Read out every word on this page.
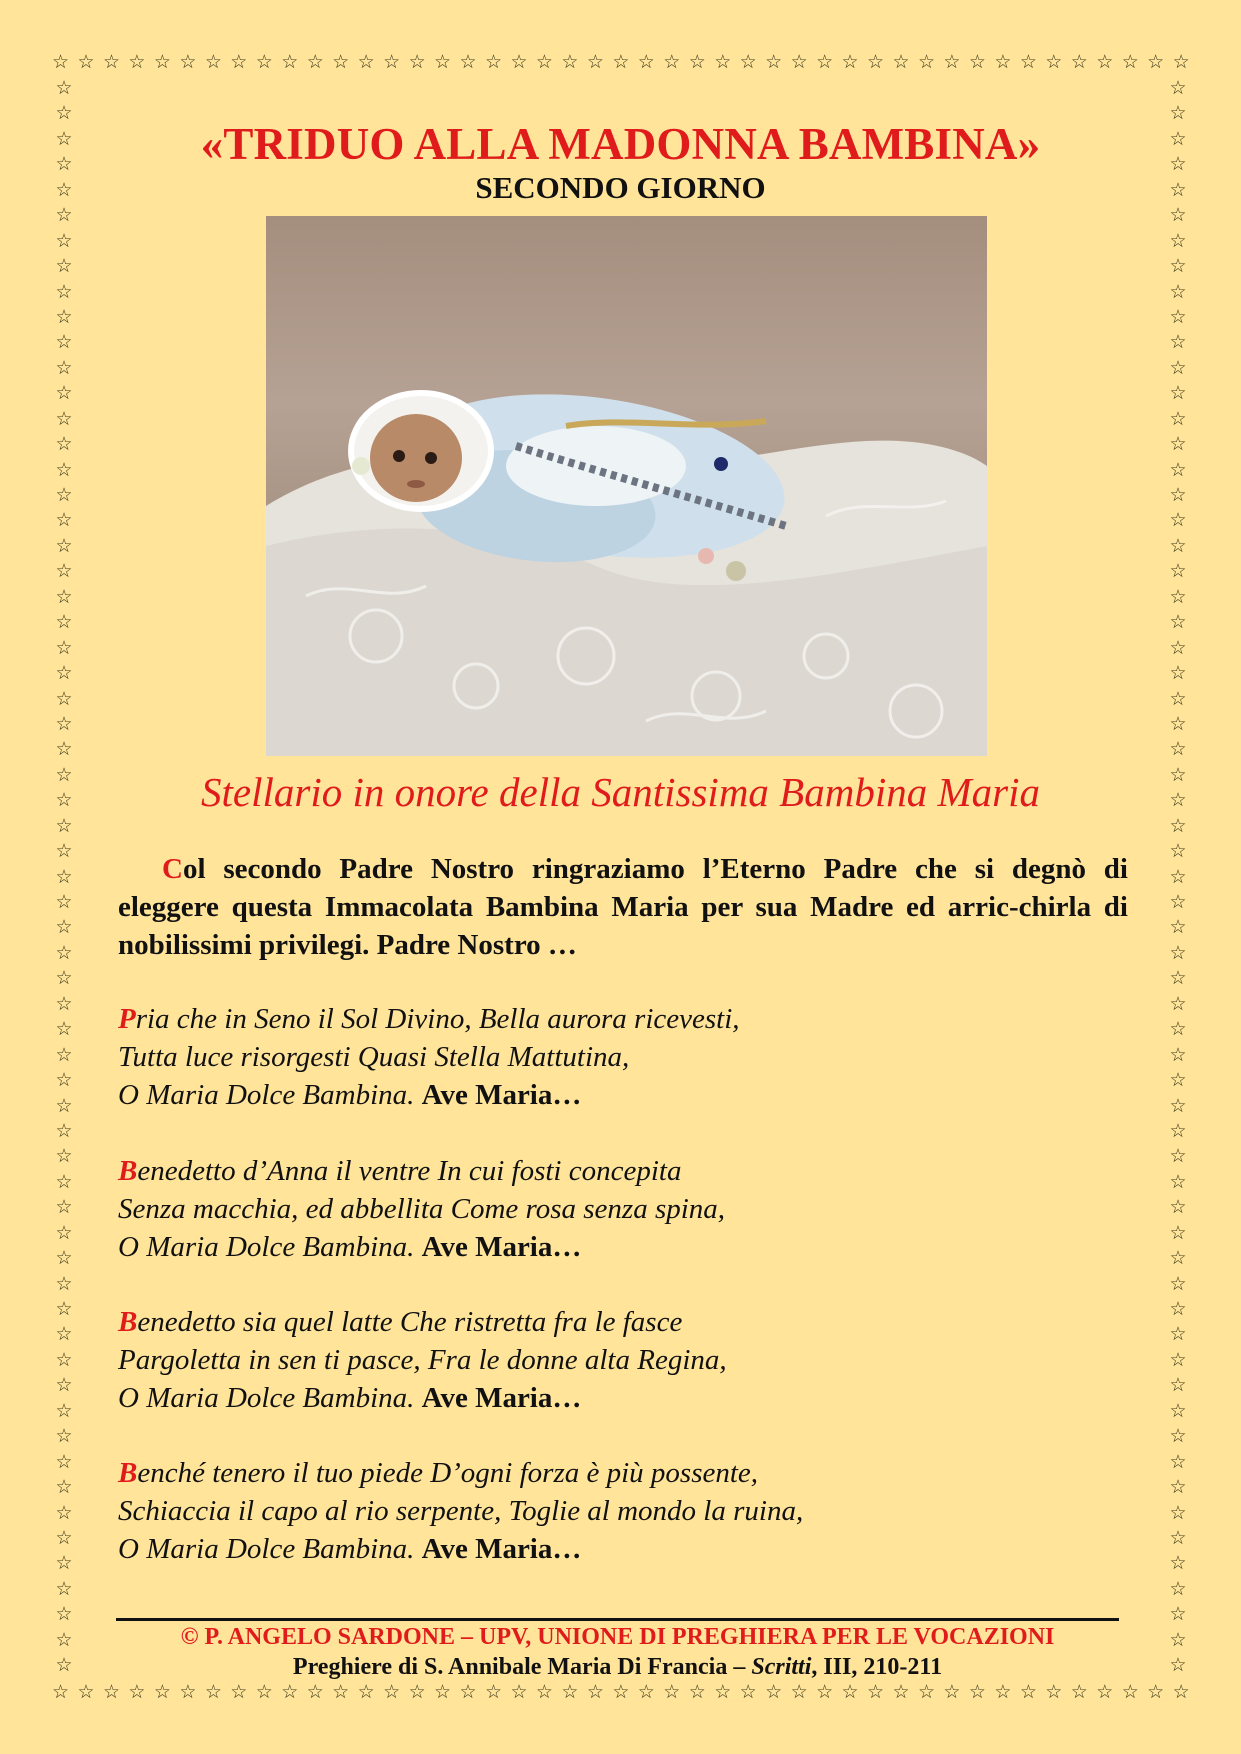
☆ ☆ ☆ ☆ ☆ ☆ ☆ ☆ ☆ ☆ ☆ ☆ ☆ ☆ ☆ ☆ ☆ ☆ ☆ ☆ ☆ ☆ ☆ ☆ ☆ ☆ ☆ ☆ ☆ ☆ ☆ ☆ ☆ ☆ ☆ ☆ ☆ ☆ ☆ ☆ ☆ ☆ ☆ ☆ ☆
☆ ☆ ☆ ☆ ☆ ☆ ☆ ☆ ☆ ☆ ☆ ☆ ☆ ☆ ☆ ☆ ☆ ☆ ☆ ☆ ☆ ☆ ☆ ☆ ☆ ☆ ☆ ☆ ☆ ☆ ☆ ☆ ☆ ☆ ☆ ☆ ☆ ☆ ☆ ☆ ☆ ☆ ☆ ☆ ☆
☆
☆
☆
☆
☆
☆
☆
☆
☆
☆
☆
☆
☆
☆
☆
☆
☆
☆
☆
☆
☆
☆
☆
☆
☆
☆
☆
☆
☆
☆
☆
☆
☆
☆
☆
☆
☆
☆
☆
☆
☆
☆
☆
☆
☆
☆
☆
☆
☆
☆
☆
☆
☆
☆
☆
☆
☆
☆
☆
☆
☆
☆
☆
☆
☆
☆
☆
☆
☆
☆
☆
☆
☆
☆
☆
☆
☆
☆
☆
☆
☆
☆
☆
☆
☆
☆
☆
☆
☆
☆
☆
☆
☆
☆
☆
☆
☆
☆
☆
☆
☆
☆
☆
☆
☆
☆
☆
☆
☆
☆
☆
☆
☆
☆
☆
☆
☆
☆
☆
☆
☆
☆
☆
☆
☆
☆
«TRIDUO ALLA MADONNA BAMBINA»
SECONDO GIORNO
Stellario in onore della Santissima Bambina Maria
Col secondo Padre Nostro ringraziamo l’Eterno Padre che si degnò di eleggere questa Immacolata Bambina Maria per sua Madre ed arric-chirla di nobilissimi privilegi. Padre Nostro …
Pria che in Seno il Sol Divino, Bella aurora ricevesti,
Tutta luce risorgesti Quasi Stella Mattutina,
O Maria Dolce Bambina. Ave Maria…
Benedetto d’Anna il ventre In cui fosti concepita
Senza macchia, ed abbellita Come rosa senza spina,
O Maria Dolce Bambina. Ave Maria…
Benedetto sia quel latte Che ristretta fra le fasce
Pargoletta in sen ti pasce, Fra le donne alta Regina,
O Maria Dolce Bambina. Ave Maria…
Benché tenero il tuo piede D’ogni forza è più possente,
Schiaccia il capo al rio serpente, Toglie al mondo la ruina,
O Maria Dolce Bambina. Ave Maria…
© P. ANGELO SARDONE – UPV, UNIONE DI PREGHIERA PER LE VOCAZIONI
Preghiere di S. Annibale Maria Di Francia – Scritti, III, 210-211
